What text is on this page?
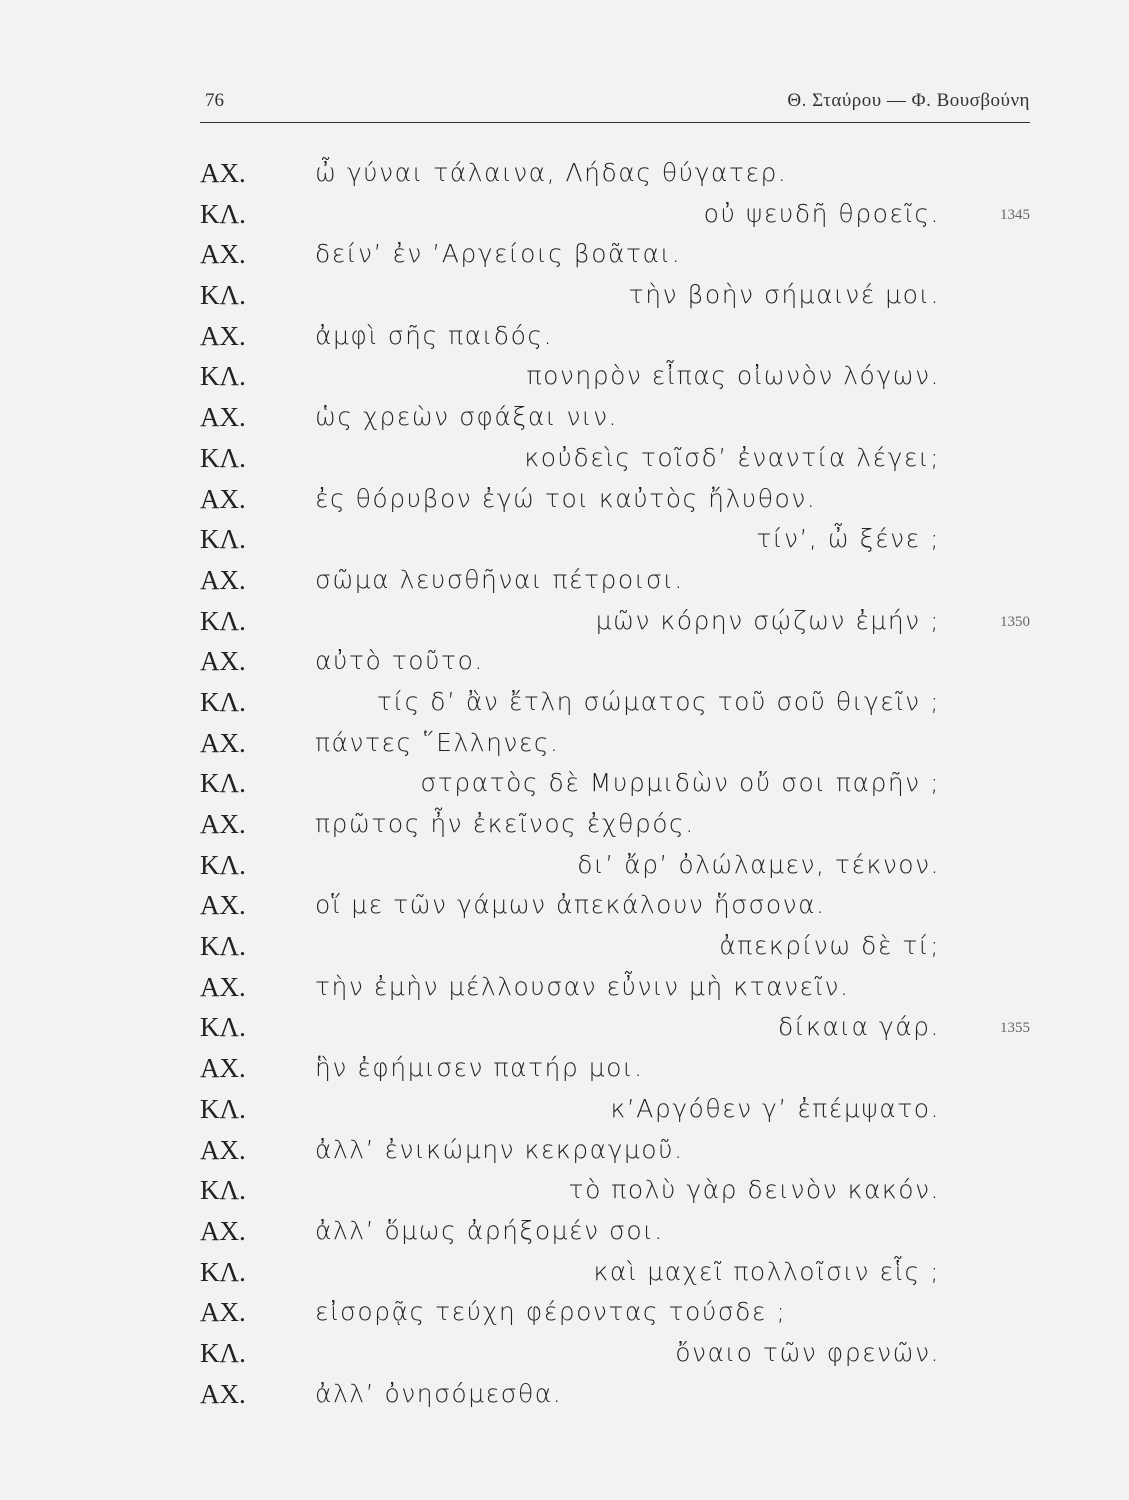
76	Θ. Σταύρου — Φ. Βουσβούνη
ΑΧ.	ὦ γύναι τάλαινα, Λήδας θύγατερ.
ΚΛ.	οὐ ψευδῆ θροεῖς.	1345
ΑΧ.	δείν’ ἐν ’Αργείοις βοᾶται.
ΚΛ.	τὴν βοὴν σήμαινέ μοι.
ΑΧ.	ἀμφὶ σῆς παιδός.
ΚΛ.	πονηρὸν εἶπας οἰωνὸν λόγων.
ΑΧ.	ὡς χρεὼν σφάξαι νιν.
ΚΛ.	κοὐδεὶς τοῖσδ’ ἐναντία λέγει;
ΑΧ.	ἐς θόρυβον ἐγώ τοι καὐτὸς ἤλυθον.
ΚΛ.	τίν’, ὦ ξένε ;
ΑΧ.	σῶμα λευσθῆναι πέτροισι.
ΚΛ.	μῶν κόρην σῴζων ἐμήν ;	1350
ΑΧ.	αὐτὸ τοῦτο.
ΚΛ.	τίς δ’ ἂν ἔτλη σώματος τοῦ σοῦ θιγεῖν ;
ΑΧ.	πάντες ῞Ελληνες.
ΚΛ.	στρατὸς δὲ Μυρμιδὼν οὔ σοι παρῆν ;
ΑΧ.	πρῶτος ἦν ἐκεῖνος ἐχθρός.
ΚΛ.	δι’ ἄρ’ ὀλώλαμεν, τέκνον.
ΑΧ.	οἵ με τῶν γάμων ἀπεκάλουν ἥσσονα.
ΚΛ.	ἀπεκρίνω δὲ τί;
ΑΧ.	τὴν ἐμὴν μέλλουσαν εὖνιν μὴ κτανεῖν.
ΚΛ.	δίκαια γάρ.	1355
ΑΧ.	ἣν ἐφήμισεν πατήρ μοι.
ΚΛ.	κ’Αργόθεν γ’ ἐπέμψατο.
ΑΧ.	ἀλλ’ ἐνικώμην κεκραγμοῦ.
ΚΛ.	τὸ πολὺ γὰρ δεινὸν κακόν.
ΑΧ.	ἀλλ’ ὅμως ἀρήξομέν σοι.
ΚΛ.	καὶ μαχεῖ πολλοῖσιν εἷς ;
ΑΧ.	εἰσορᾷς τεύχη φέροντας τούσδε ;
ΚΛ.	ὄναιο τῶν φρενῶν.
ΑΧ.	ἀλλ’ ὀνησόμεσθα.
